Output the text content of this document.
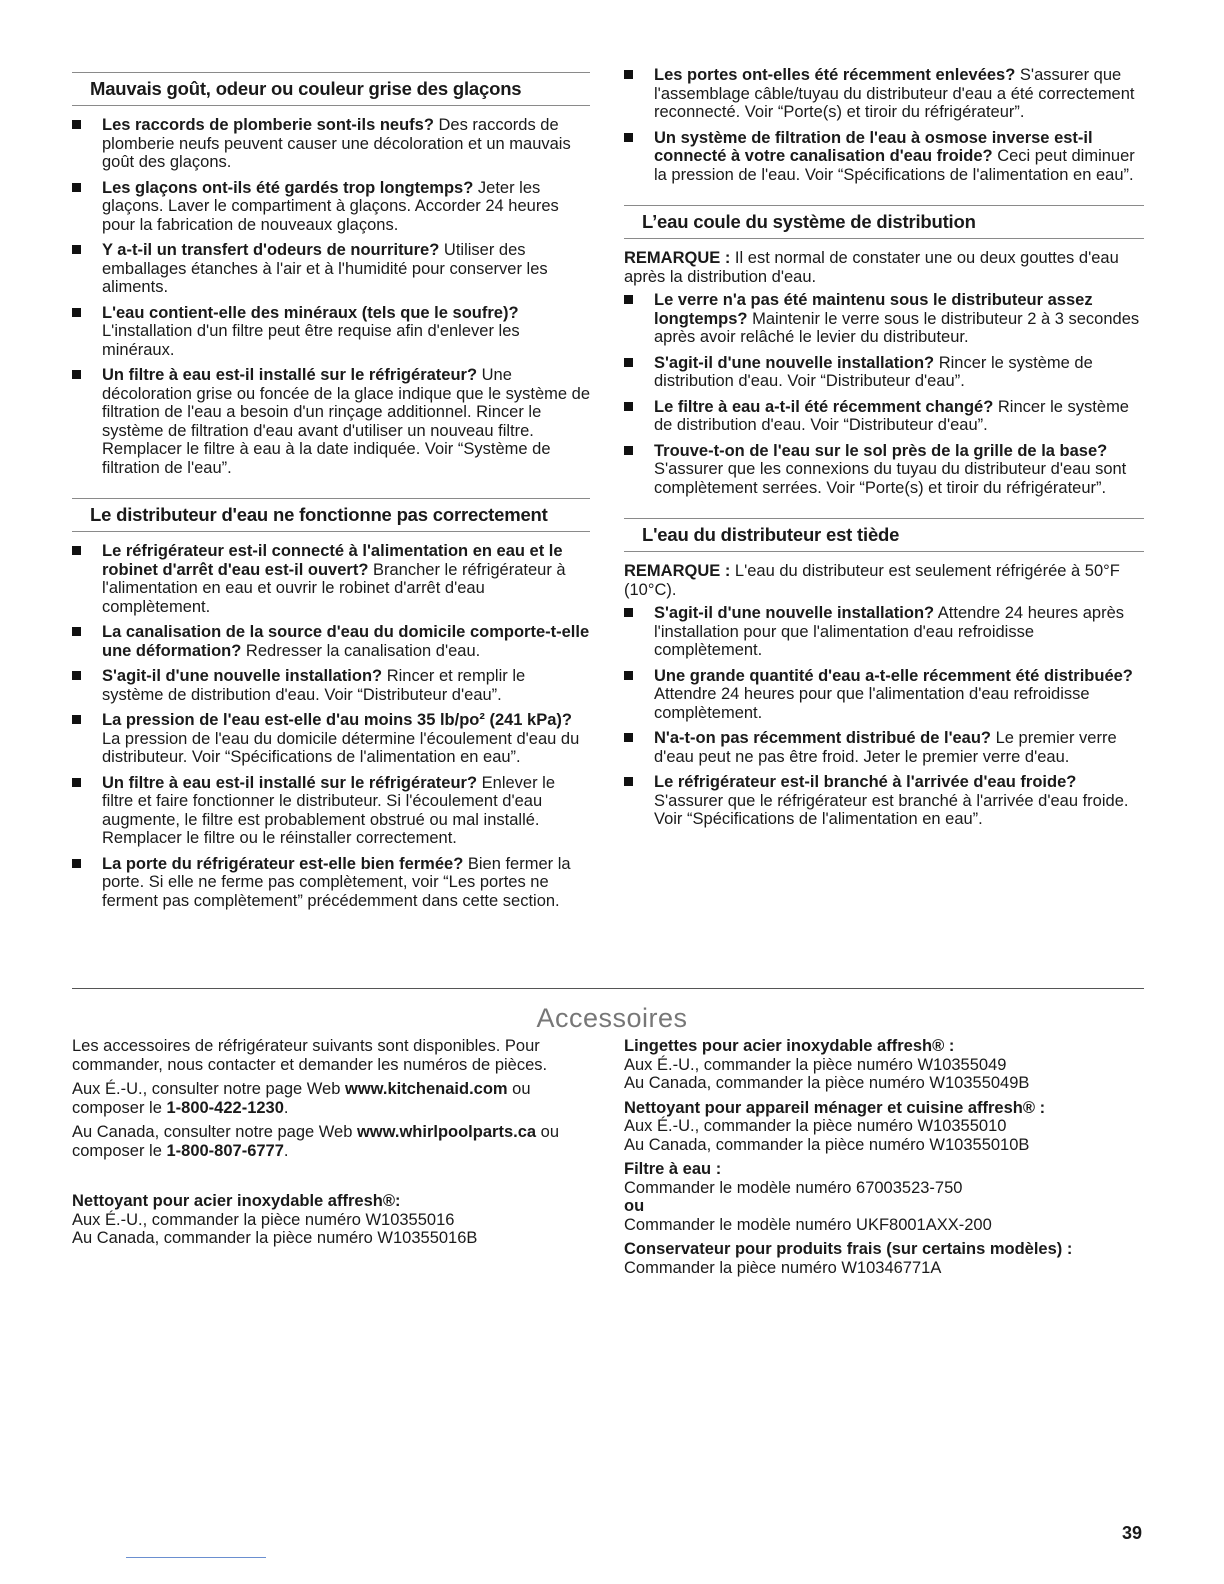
Mauvais goût, odeur ou couleur grise des glaçons
Les raccords de plomberie sont-ils neufs? Des raccords de plomberie neufs peuvent causer une décoloration et un mauvais goût des glaçons.
Les glaçons ont-ils été gardés trop longtemps? Jeter les glaçons. Laver le compartiment à glaçons. Accorder 24 heures pour la fabrication de nouveaux glaçons.
Y a-t-il un transfert d'odeurs de nourriture? Utiliser des emballages étanches à l'air et à l'humidité pour conserver les aliments.
L'eau contient-elle des minéraux (tels que le soufre)? L'installation d'un filtre peut être requise afin d'enlever les minéraux.
Un filtre à eau est-il installé sur le réfrigérateur? Une décoloration grise ou foncée de la glace indique que le système de filtration de l'eau a besoin d'un rinçage additionnel. Rincer le système de filtration d'eau avant d'utiliser un nouveau filtre. Remplacer le filtre à eau à la date indiquée. Voir “Système de filtration de l'eau”.
Le distributeur d'eau ne fonctionne pas correctement
Le réfrigérateur est-il connecté à l'alimentation en eau et le robinet d'arrêt d'eau est-il ouvert? Brancher le réfrigérateur à l'alimentation en eau et ouvrir le robinet d'arrêt d'eau complètement.
La canalisation de la source d'eau du domicile comporte-t-elle une déformation? Redresser la canalisation d'eau.
S'agit-il d'une nouvelle installation? Rincer et remplir le système de distribution d'eau. Voir “Distributeur d'eau”.
La pression de l'eau est-elle d'au moins 35 lb/po² (241 kPa)? La pression de l'eau du domicile détermine l'écoulement d'eau du distributeur. Voir “Spécifications de l'alimentation en eau”.
Un filtre à eau est-il installé sur le réfrigérateur? Enlever le filtre et faire fonctionner le distributeur. Si l'écoulement d'eau augmente, le filtre est probablement obstrué ou mal installé. Remplacer le filtre ou le réinstaller correctement.
La porte du réfrigérateur est-elle bien fermée? Bien fermer la porte. Si elle ne ferme pas complètement, voir “Les portes ne ferment pas complètement” précédemment dans cette section.
Les portes ont-elles été récemment enlevées? S'assurer que l'assemblage câble/tuyau du distributeur d'eau a été correctement reconnecté. Voir “Porte(s) et tiroir du réfrigérateur”.
Un système de filtration de l'eau à osmose inverse est-il connecté à votre canalisation d'eau froide? Ceci peut diminuer la pression de l'eau. Voir “Spécifications de l'alimentation en eau”.
L’eau coule du système de distribution

REMARQUE : Il est normal de constater une ou deux gouttes d'eau après la distribution d'eau.

Le verre n'a pas été maintenu sous le distributeur assez longtemps? Maintenir le verre sous le distributeur 2 à 3 secondes après avoir relâché le levier du distributeur.
S'agit-il d'une nouvelle installation? Rincer le système de distribution d'eau. Voir “Distributeur d'eau”.
Le filtre à eau a-t-il été récemment changé? Rincer le système de distribution d'eau. Voir “Distributeur d'eau”.
Trouve-t-on de l'eau sur le sol près de la grille de la base? S'assurer que les connexions du tuyau du distributeur d'eau sont complètement serrées. Voir “Porte(s) et tiroir du réfrigérateur”.
L'eau du distributeur est tiède

REMARQUE : L'eau du distributeur est seulement réfrigérée à 50°F (10°C).

S'agit-il d'une nouvelle installation? Attendre 24 heures après l'installation pour que l'alimentation d'eau refroidisse complètement.
Une grande quantité d'eau a-t-elle récemment été distribuée? Attendre 24 heures pour que l'alimentation d'eau refroidisse complètement.
N'a-t-on pas récemment distribué de l'eau? Le premier verre d'eau peut ne pas être froid. Jeter le premier verre d'eau.
Le réfrigérateur est-il branché à l'arrivée d'eau froide? S'assurer que le réfrigérateur est branché à l'arrivée d'eau froide. Voir “Spécifications de l'alimentation en eau”.
Accessoires

Les accessoires de réfrigérateur suivants sont disponibles. Pour commander, nous contacter et demander les numéros de pièces.

Aux É.-U., consulter notre page Web www.kitchenaid.com ou composer le 1-800-422-1230.

Au Canada, consulter notre page Web www.whirlpoolparts.ca ou composer le 1-800-807-6777.

Nettoyant pour acier inoxydable affresh®:
Aux É.-U., commander la pièce numéro W10355016
Au Canada, commander la pièce numéro W10355016B
Lingettes pour acier inoxydable affresh® :
Aux É.-U., commander la pièce numéro W10355049
Au Canada, commander la pièce numéro W10355049B
Nettoyant pour appareil ménager et cuisine affresh® :
Aux É.-U., commander la pièce numéro W10355010
Au Canada, commander la pièce numéro W10355010B
Filtre à eau :
Commander le modèle numéro 67003523-750
ou
Commander le modèle numéro UKF8001AXX-200
Conservateur pour produits frais (sur certains modèles) :
Commander la pièce numéro W10346771A
39
